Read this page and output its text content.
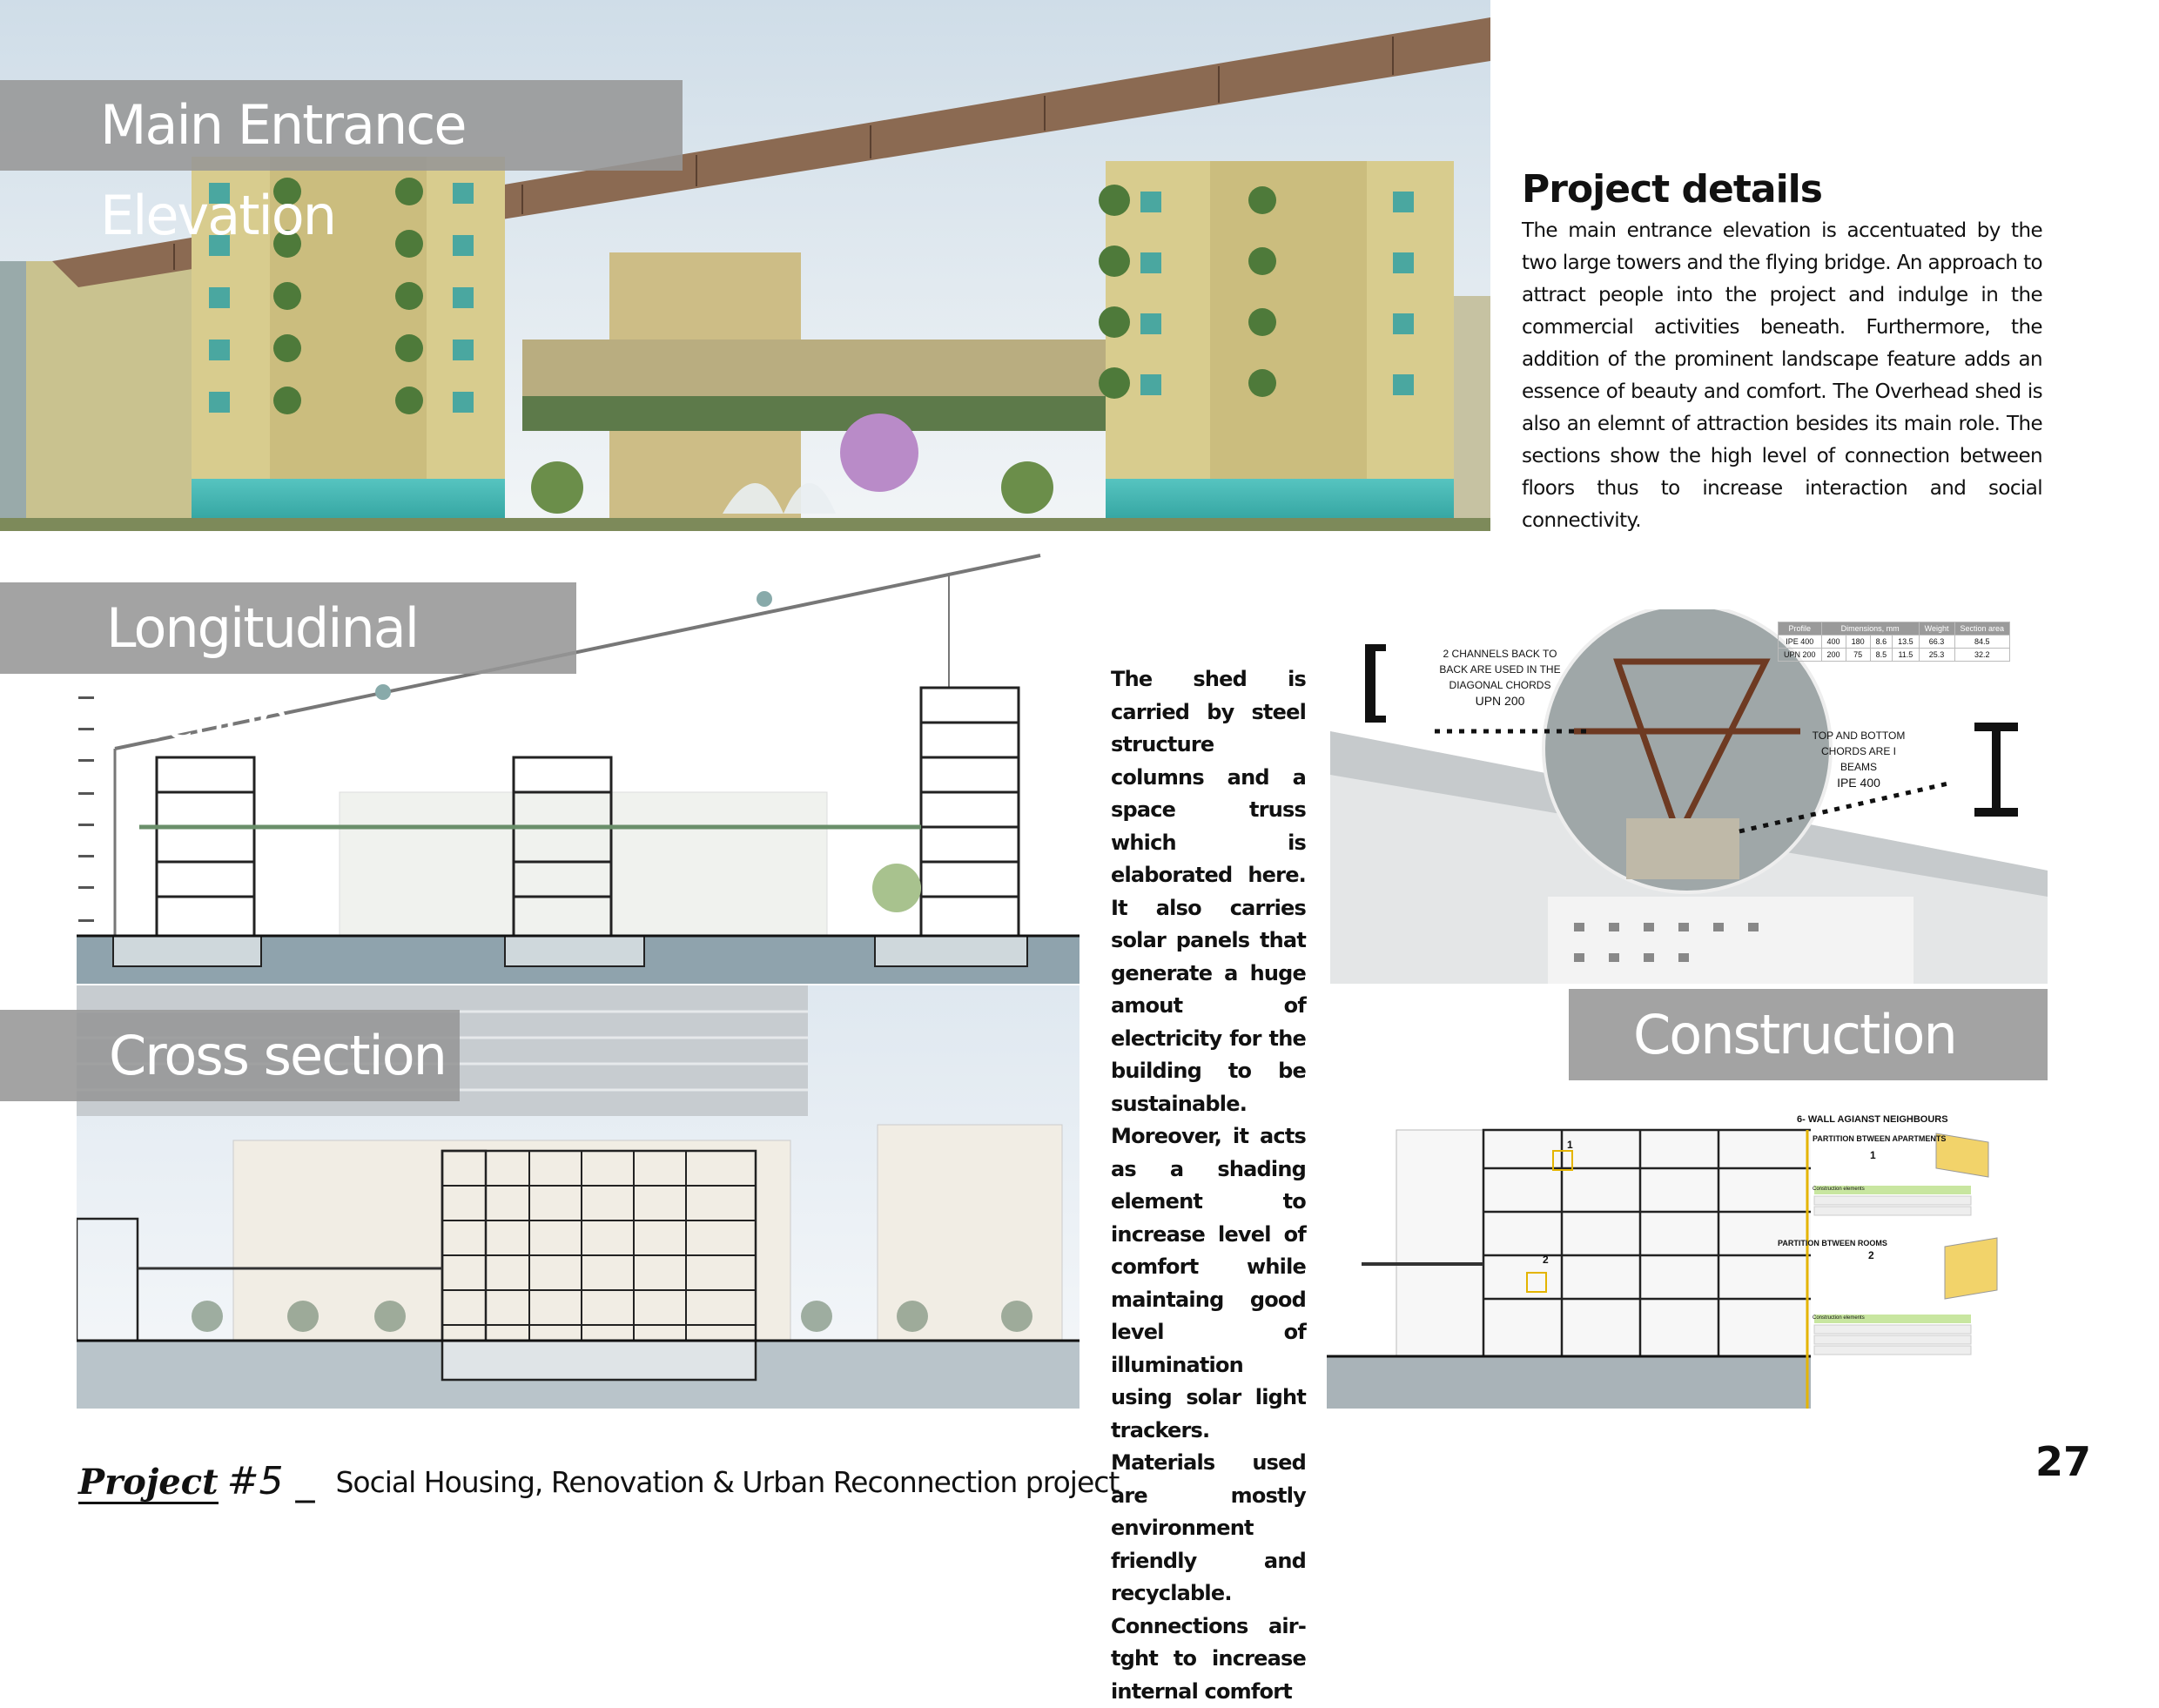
Main Entrance Elevation	Project details
The main entrance elevation is accentuated by the two large towers and the flying bridge. An approach to attract people into the project and indulge in the commercial activities beneath. Furthermore, the addition of the prominent landscape feature adds an essence of beauty and comfort. The Overhead shed is also an elemnt of attraction besides its main role. The sections show the high level of connection between floors thus to increase interaction and social connectivity.
Longitudinal section
Cross section
The shed is carried by steel structure columns and a space truss which is elaborated here. It also carries solar panels that generate a huge amout of electricity for the building to be sustainable. Moreover, it acts as a shading element to increase level of comfort while maintaing good level of illumination using solar light trackers. Materials used are mostly environment friendly and recyclable. Connections air-tght to increase internal comfort
2 CHANNELS BACK TO BACK ARE USED IN THE DIAGONAL CHORDS
UPN 200
TOP AND BOTTOM CHORDS ARE I BEAMS
IPE 400
Profile	Dimensions, mm				Weight	Section area
IPE 400	400	180	8.6	13.5	66.3	84.5
UPN 200	200	75	8.5	11.5	25.3	32.2
Construction
6- WALL AGIANST NEIGHBOURS
PARTITION BTWEEN APARTMENTS
PARTITION BTWEEN ROOMS
1
2
1
2
Construction elements
Construction elements
Project #5 _ Social Housing, Renovation & Urban Reconnection project	27
